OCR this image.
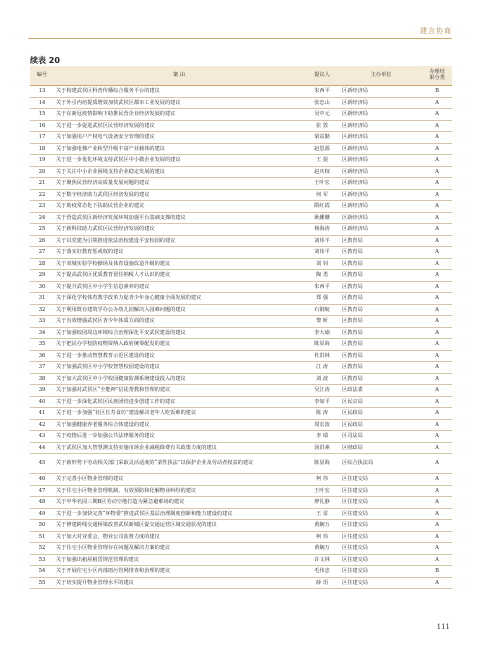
建言协商
续表 20
编号	案 由	提议人	主办单位	办理结
果分类

13	关于构建武侯区科普传播综合服务平台的建议	朱西平	区新经济局	B
14	关于外引内培提质增效加快武侯区都市工业发展的建议	张忠山	区新经济局	A
15	关于在新冠疫情影响下助推民营企业经济发展的建议	吴中元	区新经济局	A
16	关于进一步促进武侯区民营经济发展的建议	张 敦	区新经济局	A
17	关于加强用户产权电气设备安全管理的建议	梁益勤	区新经济局	A
18	关于加强电梯产业转型升级丰富产业载体的建议	赵思源	区新经济局	A
19	关于进一步优化环境支持武侯区中小微企业发展的建议	王 捉	区新经济局	A
20	关于关注中小企业困境支持企业稳定发展的建议	赵庆权	区新经济局	A
21	关于聚焦民营经济高质量发展问题的建议	王叶宏	区新经济局	A
22	关于数字经济助力武侯区经济发展的建议	何 军	区新经济局	A
23	关于助疫常态化下扶助民营企业的建议	隋红霞	区新经济局	A
24	关于营造武侯区新经济发展环境加强平台基础支撑的建议	耿姗姗	区新经济局	A
25	关于新科技助力武侯区民营经济发展的建议	杨海涛	区新经济局	A
26	关于以党建为引领推进依法治校建设平安校园的建议	刘伟平	区教育局	A
27	关于落实好教育惩戒权的建议	刘伟平	区教育局	A
28	关于双城实验学校操场及体育设施改造升级的建议	刘 钊	区教育局	A
29	关于提高武侯区优质教育留住纳税人才认识的建议	陶 勇	区教育局	A
30	关于提升武侯区中小学生信息素养的建议	朱西平	区教育局	A
31	关于深化学校体育教学改革力促青少年身心健康全面发展的建议	郑 强	区教育局	A
32	关于利用既有建筑学办公办幼儿园解决入园难问题的建议	石钢航	区教育局	A
33	关于有效增强武侯区青少年体质方面的建议	黎 昕	区教育局	A
34	关于加强校园周边环境综合治理深化平安武侯建设的建议	李大瑜	区教育局	A
35	关于把民办学校防疫物资纳入政府统筹配发的建议	陈显海	区教育局	A
36	关于进一步推动智慧教育示范区建设的建议	杜洪林	区教育局	A
37	关于加强武侯区中小学校智慧校园建设的建议	江 涛	区教育局	A
38	关于加大武侯区中小学校园健康监测系统建设投入的建议	刘 波	区教育局	A
39	关于加强对武侯区“全能神”信徒帮教和管理的建议	吴江涛	区政法委	A
40	关于进一步深化武侯区民族团结进步创建工作的建议	李如平	区民宗局	A
41	关于进一步加强“社区长寿食坊”建设解决老年人吃饭难的建议	陈 涛	区民政局	A
42	关于加强健康养老服务综合体建设的建议	周宏波	区民政局	A
43	关于疫情后进一步加强公共法律服务的建议	李 瑞	区司法局	A
44	关于武侯区加大智慧测支持实施市场企业减税降费有关政策力度的建议	汤洪素	区财政局	A
45	关于新形势下劳动相关部门采取灵活适度的“柔性执法”以保护企业及劳动者权益的建议	陈显海	区综合执法局	A
46	关于完善小区物业管理的建议	柯 伟	区住建交局	A
47	关于住宅小区物业管理机制、有效预防和化解物业纠纷的建议	王叶宏	区住建交局	A
48	关于中华名园三期B区劳动空地打造为紧急避难场的建议	廖礼静	区住建交局	A
49	关于进一步加快完善“环物委”推进武侯区基层治理制度创新和能力建设的建议	王 雷	区住建交局	A
50	关于修建跨线交通桥梁改善武侯新城区促交通运营区域交通状况的建议	黄娴万	区住建交局	A
51	关于加大对业委会、物业公司监督力度的建议	柯 伟	区住建交局	A
52	关于住宅小区物业管理存在问题及解决方案的建议	黄娴万	区住建交局	A
53	关于加强出租屋租赁规范管理的建议	许文林	区住建交局	A
54	关于开展住宅小区内部雨污管网排查和治理的建议	毛伟忠	区住建交局	B
55	关于切实提升物业管理水平的建议	薛 语	区住建交局	A
111
